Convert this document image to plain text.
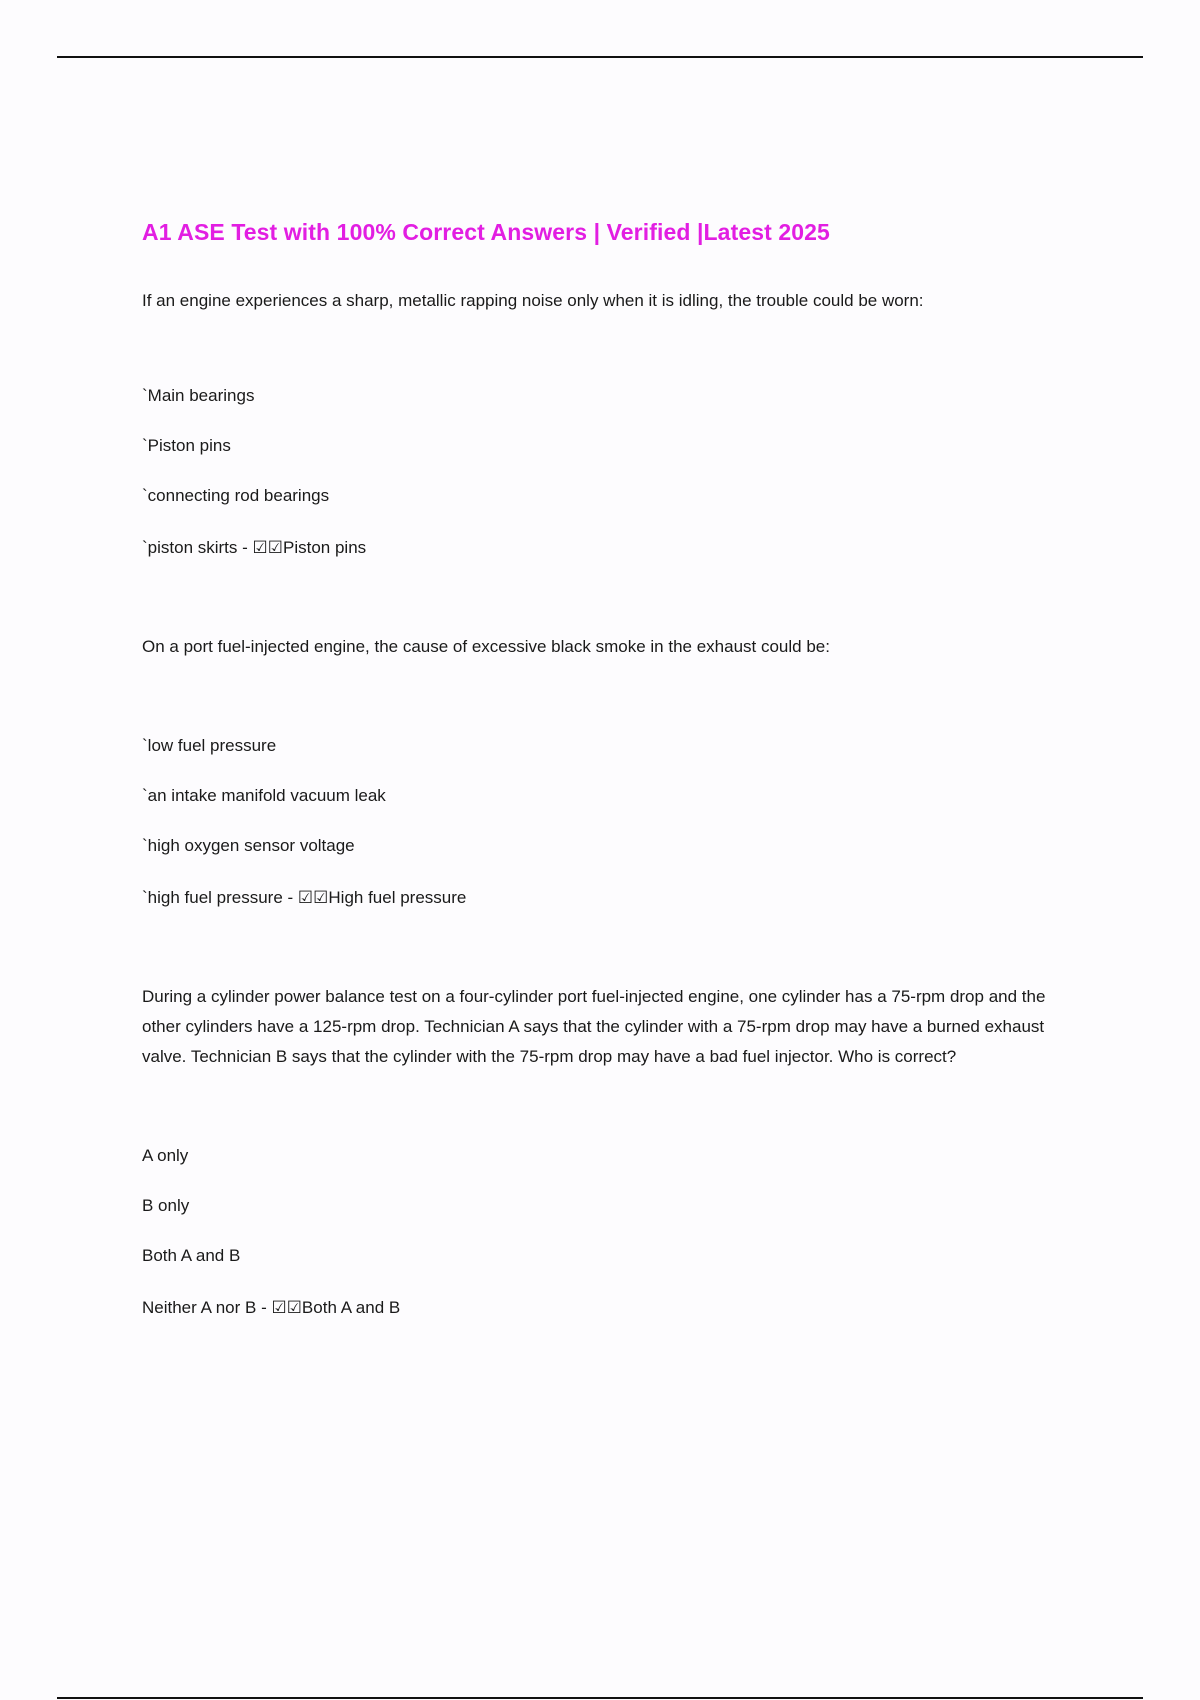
A1 ASE Test with 100% Correct Answers | Verified |Latest 2025

If an engine experiences a sharp, metallic rapping noise only when it is idling, the trouble could be worn:

`Main bearings

`Piston pins

`connecting rod bearings

`piston skirts - ☑☑Piston pins

On a port fuel-injected engine, the cause of excessive black smoke in the exhaust could be:

`low fuel pressure

`an intake manifold vacuum leak

`high oxygen sensor voltage

`high fuel pressure - ☑☑High fuel pressure

During a cylinder power balance test on a four-cylinder port fuel-injected engine, one cylinder has a 75-rpm drop and the other cylinders have a 125-rpm drop. Technician A says that the cylinder with a 75-rpm drop may have a burned exhaust valve. Technician B says that the cylinder with the 75-rpm drop may have a bad fuel injector. Who is correct?

A only

B only

Both A and B

Neither A nor B - ☑☑Both A and B
